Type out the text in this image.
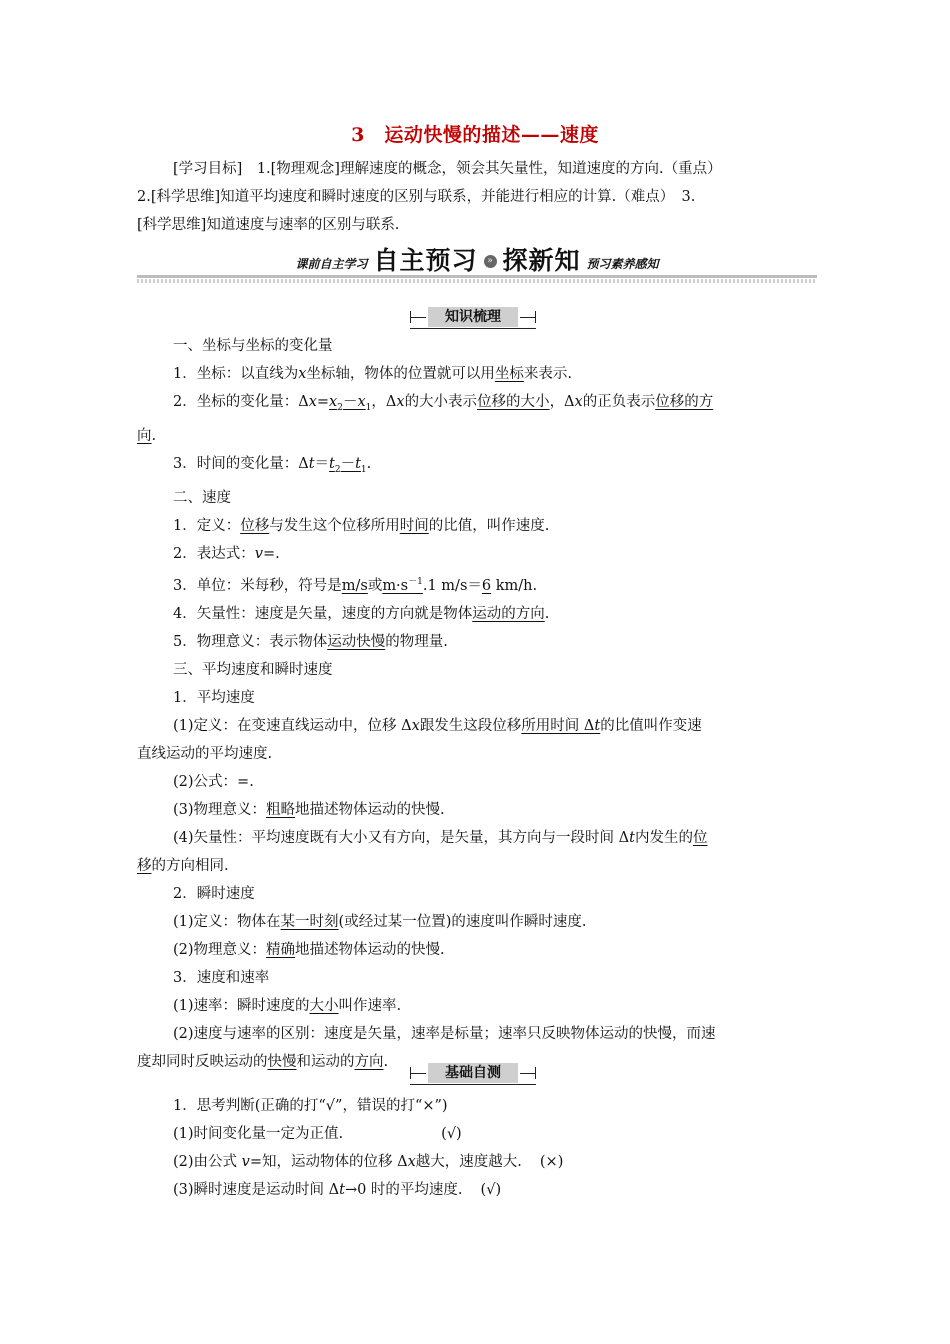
3　运动快慢的描述——速度
[学习目标]　1.[物理观念]理解速度的概念，领会其矢量性，知道速度的方向.（重点）
2.[科学思维]知道平均速度和瞬时速度的区别与联系，并能进行相应的计算.（难点）　3.
[科学思维]知道速度与速率的区别与联系.
课前自主学习 自主预习	» 探新知 预习素养感知
知识梳理

一、坐标与坐标的变化量

1．坐标：以直线为x坐标轴，物体的位置就可以用坐标来表示.

2．坐标的变化量：$\Delta x=x_2-x_1$，Δx的大小表示位移的大小，Δx的正负表示位移的方

向.

3．时间的变化量：$\Delta t=t_2-t_1$.

二、速度

1．定义：位移与发生这个位移所用时间的比值，叫作速度.

2．表达式：v=.

3．单位：米每秒，符号是m/s或$m\cdot s^{-1}.1$ m/s＝6 km/h.

4．矢量性：速度是矢量，速度的方向就是物体运动的方向.

5．物理意义：表示物体运动快慢的物理量.

三、平均速度和瞬时速度

1．平均速度

(1)定义：在变速直线运动中，位移 Δx跟发生这段位移所用时间 Δt的比值叫作变速

直线运动的平均速度.

(2)公式：=.

(3)物理意义：粗略地描述物体运动的快慢.

(4)矢量性：平均速度既有大小又有方向，是矢量，其方向与一段时间 Δt内发生的位

移的方向相同.

2．瞬时速度

(1)定义：物体在某一时刻(或经过某一位置)的速度叫作瞬时速度.

(2)物理意义：精确地描述物体运动的快慢.

3．速度和速率

(1)速率：瞬时速度的大小叫作速率.

(2)速度与速率的区别：速度是矢量，速率是标量；速率只反映物体运动的快慢，而速

度却同时反映运动的快慢和运动的方向.

基础自测

1．思考判断(正确的打“√”，错误的打“×”)

(1)时间变化量一定为正值.	(√)

(2)由公式 v=知，运动物体的位移 Δx越大，速度越大. (×)

(3)瞬时速度是运动时间 Δt→0 时的平均速度. (√)
